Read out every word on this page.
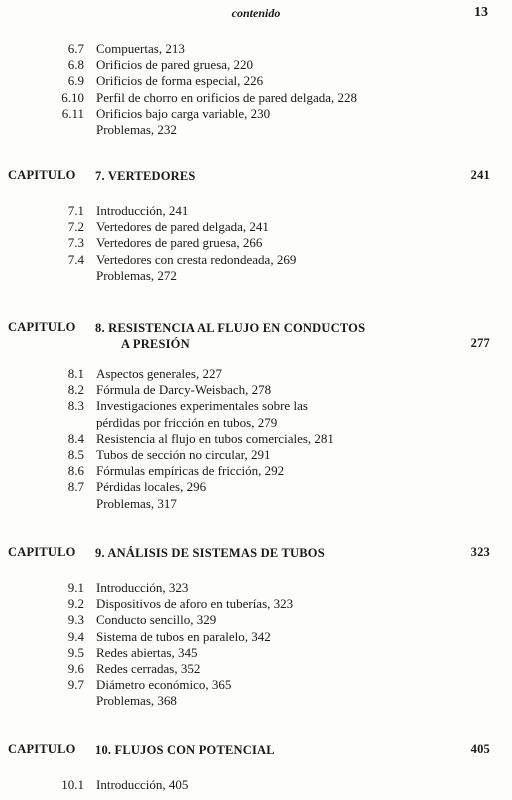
contenido	13
6.7 Compuertas, 213
6.8 Orificios de pared gruesa, 220
6.9 Orificios de forma especial, 226
6.10 Perfil de chorro en orificios de pared delgada, 228
6.11 Orificios bajo carga variable, 230
Problemas, 232
CAPITULO 7. VERTEDORES	241
7.1 Introducción, 241
7.2 Vertedores de pared delgada, 241
7.3 Vertedores de pared gruesa, 266
7.4 Vertedores con cresta redondeada, 269
Problemas, 272
CAPITULO 8. RESISTENCIA AL FLUJO EN CONDUCTOS
A PRESIÓN	277
8.1 Aspectos generales, 227
8.2 Fórmula de Darcy-Weisbach, 278
8.3 Investigaciones experimentales sobre las
pérdidas por fricción en tubos, 279
8.4 Resistencia al flujo en tubos comerciales, 281
8.5 Tubos de sección no circular, 291
8.6 Fórmulas empíricas de fricción, 292
8.7 Pérdidas locales, 296
Problemas, 317
CAPITULO 9. ANÁLISIS DE SISTEMAS DE TUBOS	323
9.1 Introducción, 323
9.2 Dispositivos de aforo en tuberías, 323
9.3 Conducto sencillo, 329
9.4 Sistema de tubos en paralelo, 342
9.5 Redes abiertas, 345
9.6 Redes cerradas, 352
9.7 Diámetro económico, 365
Problemas, 368
CAPITULO 10. FLUJOS CON POTENCIAL	405
10.1 Introducción, 405
